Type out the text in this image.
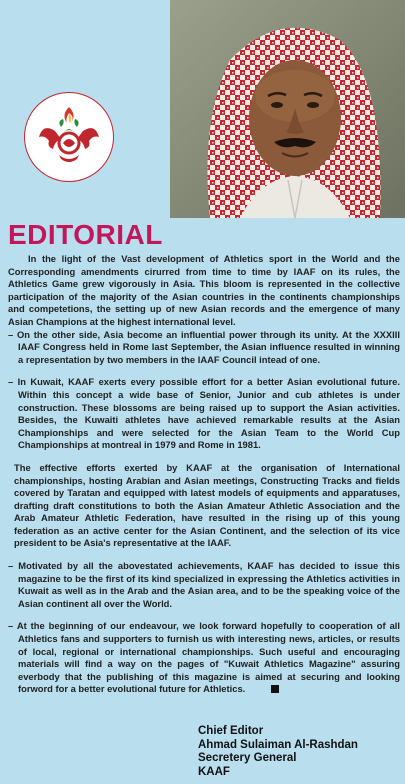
EDITORIAL

In the light of the Vast development of Athletics sport in the World and the Corresponding amendments cirurred from time to time by IAAF on its rules, the Athletics Game grew vigorously in Asia. This bloom is represented in the collective participation of the majority of the Asian countries in the continents championships and competetions, the setting up of new Asian records and the emergence of many Asian Champions at the highest international level.

– On the other side, Asia become an influential power through its unity. At the XXXIII IAAF Congress held in Rome last September, the Asian influence resulted in winning a representation by two members in the IAAF Council intead of one.

– In Kuwait, KAAF exerts every possible effort for a better Asian evolutional future. Within this concept a wide base of Senior, Junior and cub athletes is under construction. These blossoms are being raised up to support the Asian activities. Besides, the Kuwaiti athletes have achieved remarkable results at the Asian Championships and were selected for the Asian Team to the World Cup Championships at montreal in 1979 and Rome in 1981.

The effective efforts exerted by KAAF at the organisation of International championships, hosting Arabian and Asian meetings, Constructing Tracks and fields covered by Taratan and equipped with latest models of equipments and apparatuses, drafting draft constitutions to both the Asian Amateur Athletic Association and the Arab Amateur Athletic Federation, have resulted in the rising up of this young federation as an active center for the Asian Continent, and the selection of its vice president to be Asia's representative at the IAAF.

– Motivated by all the abovestated achievements, KAAF has decided to issue this magazine to be the first of its kind specialized in expressing the Athletics activities in Kuwait as well as in the Arab and the Asian area, and to be the speaking voice of the Asian continent all over the World.

– At the beginning of our endeavour, we look forward hopefully to cooperation of all Athletics fans and supporters to furnish us with interesting news, articles, or results of local, regional or international championships. Such useful and encouraging materials will find a way on the pages of "Kuwait Athletics Magazine" assuring everbody that the publishing of this magazine is aimed at securing and looking forword for a better evolutional future for Athletics.

Chief Editor
Ahmad Sulaiman Al-Rashdan
Secretery General
KAAF
